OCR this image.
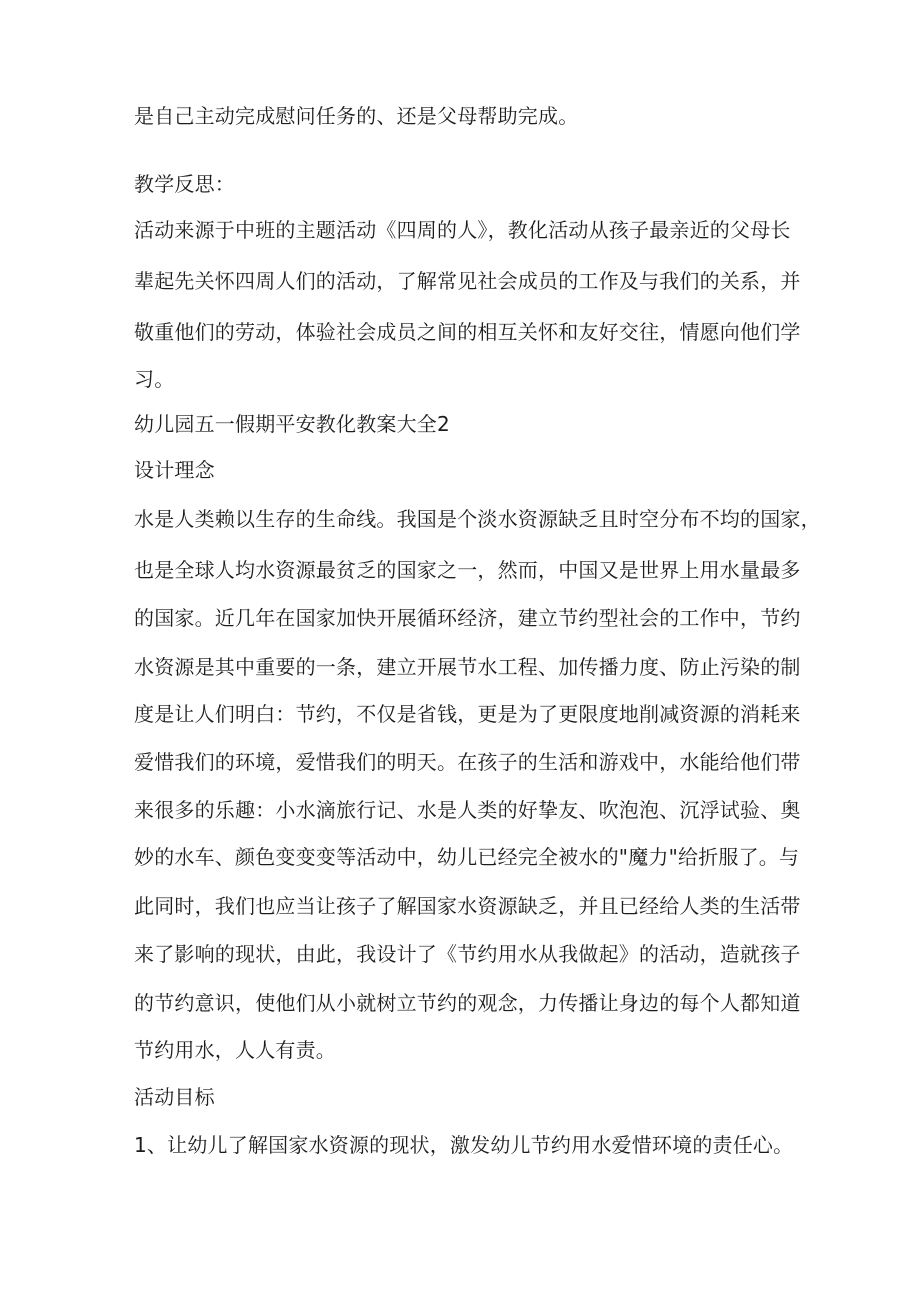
是自己主动完成慰问任务的、还是父母帮助完成。
教学反思：
活动来源于中班的主题活动《四周的人》，教化活动从孩子最亲近的父母长
辈起先关怀四周人们的活动，了解常见社会成员的工作及与我们的关系，并
敬重他们的劳动，体验社会成员之间的相互关怀和友好交往，情愿向他们学
习。
幼儿园五一假期平安教化教案大全2
设计理念
水是人类赖以生存的生命线。我国是个淡水资源缺乏且时空分布不均的国家，
也是全球人均水资源最贫乏的国家之一，然而，中国又是世界上用水量最多
的国家。近几年在国家加快开展循环经济，建立节约型社会的工作中，节约
水资源是其中重要的一条，建立开展节水工程、加传播力度、防止污染的制
度是让人们明白：节约，不仅是省钱，更是为了更限度地削减资源的消耗来
爱惜我们的环境，爱惜我们的明天。在孩子的生活和游戏中，水能给他们带
来很多的乐趣：小水滴旅行记、水是人类的好挚友、吹泡泡、沉浮试验、奥
妙的水车、颜色变变变等活动中，幼儿已经完全被水的"魔力"给折服了。与
此同时，我们也应当让孩子了解国家水资源缺乏，并且已经给人类的生活带
来了影响的现状，由此，我设计了《节约用水从我做起》的活动，造就孩子
的节约意识，使他们从小就树立节约的观念，力传播让身边的每个人都知道
节约用水，人人有责。
活动目标
1、让幼儿了解国家水资源的现状，激发幼儿节约用水爱惜环境的责任心。
